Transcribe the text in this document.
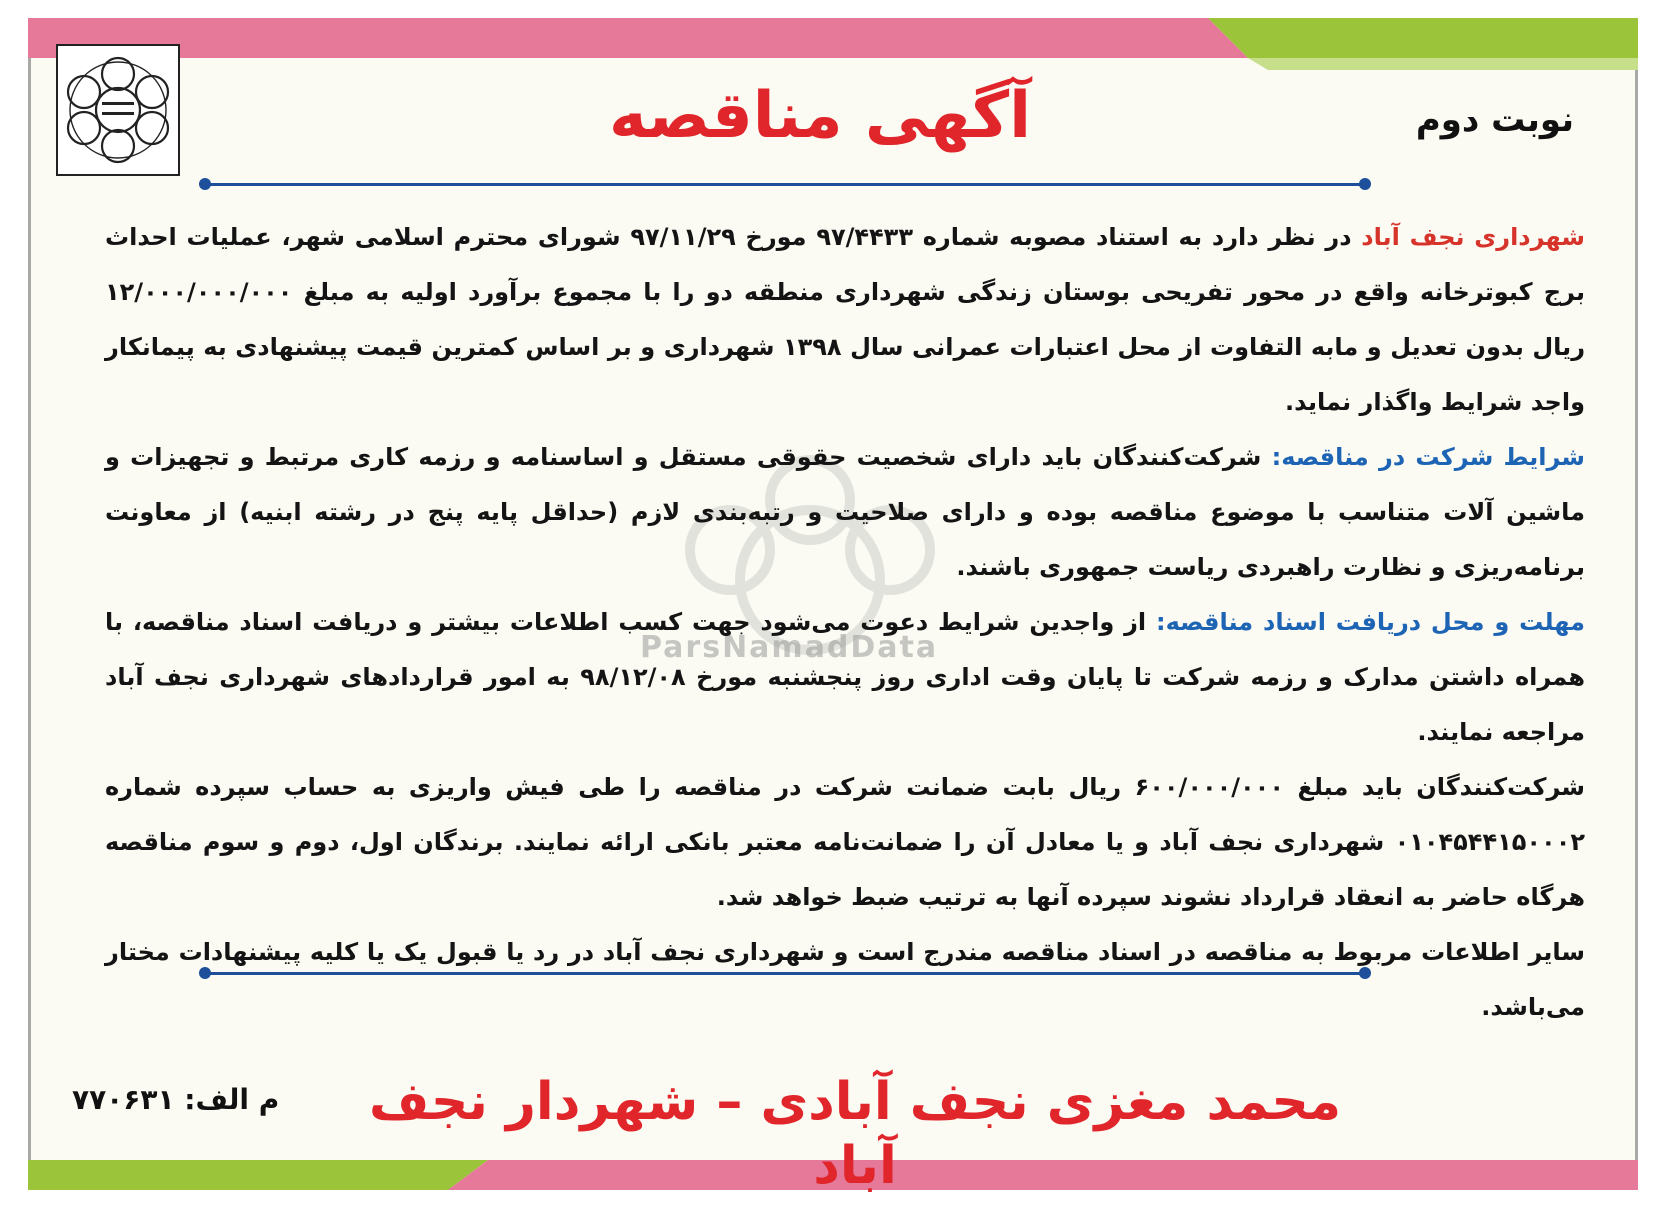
آگهی مناقصه	نوبت دوم
ParsNamadData

شهرداری نجف آباد در نظر دارد به استناد مصوبه شماره ۹۷/۴۴۳۳ مورخ ۹۷/۱۱/۲۹ شورای محترم اسلامی شهر، عملیات احداث برج کبوترخانه واقع در محور تفریحی بوستان زندگی شهرداری منطقه دو را با مجموع برآورد اولیه به مبلغ ۱۲/۰۰۰/۰۰۰/۰۰۰ ریال بدون تعدیل و مابه التفاوت از محل اعتبارات عمرانی سال ۱۳۹۸ شهرداری و بر اساس کمترین قیمت پیشنهادی به پیمانکار واجد شرایط واگذار نماید.

شرایط شرکت در مناقصه: شرکت‌کنندگان باید دارای شخصیت حقوقی مستقل و اساسنامه و رزمه کاری مرتبط و تجهیزات و ماشین آلات متناسب با موضوع مناقصه بوده و دارای صلاحیت و رتبه‌بندی لازم (حداقل پایه پنج در رشته ابنیه) از معاونت برنامه‌ریزی و نظارت راهبردی ریاست جمهوری باشند.

مهلت و محل دریافت اسناد مناقصه: از واجدین شرایط دعوت می‌شود جهت کسب اطلاعات بیشتر و دریافت اسناد مناقصه، با همراه داشتن مدارک و رزمه شرکت تا پایان وقت اداری روز پنجشنبه مورخ ۹۸/۱۲/۰۸ به امور قراردادهای شهرداری نجف آباد مراجعه نمایند.

شرکت‌کنندگان باید مبلغ ۶۰۰/۰۰۰/۰۰۰ ریال بابت ضمانت شرکت در مناقصه را طی فیش واریزی به حساب سپرده شماره ۰۱۰۴۵۴۴۱۵۰۰۰۲ شهرداری نجف آباد و یا معادل آن را ضمانت‌نامه معتبر بانکی ارائه نمایند. برندگان اول، دوم و سوم مناقصه هرگاه حاضر به انعقاد قرارداد نشوند سپرده آنها به ترتیب ضبط خواهد شد.

سایر اطلاعات مربوط به مناقصه در اسناد مناقصه مندرج است و شهرداری نجف آباد در رد یا قبول یک یا کلیه پیشنهادات مختار می‌باشد.

محمد مغزی نجف آبادی – شهردار نجف آباد
م الف: ۷۷۰۶۳۱
